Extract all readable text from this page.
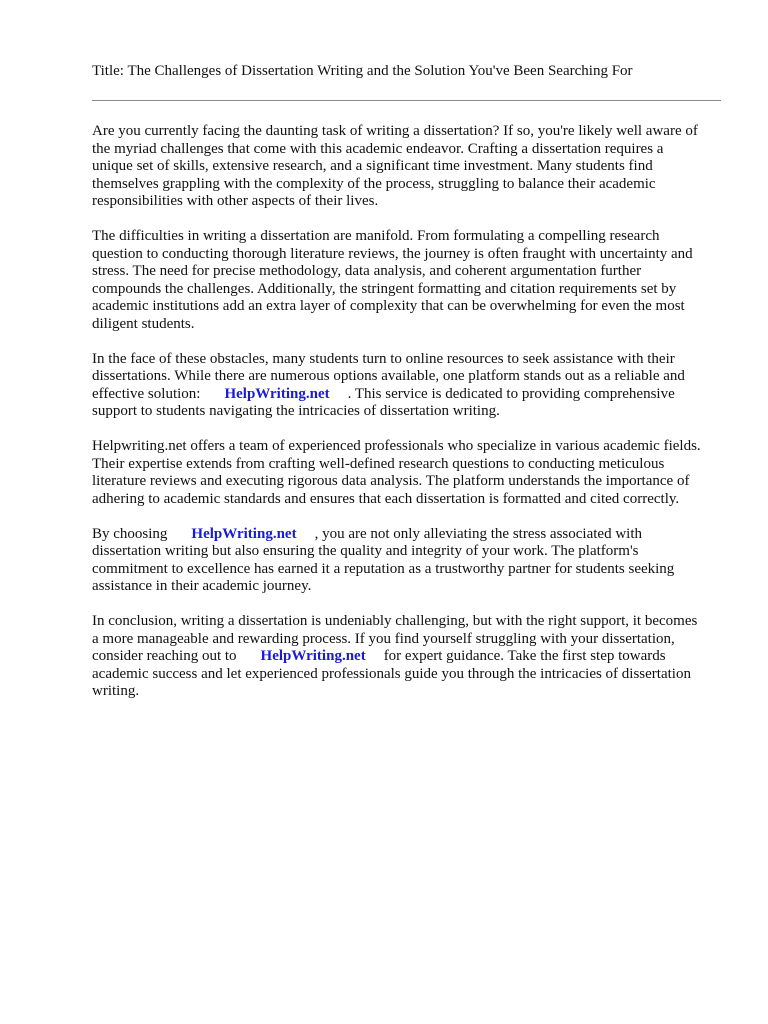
Title: The Challenges of Dissertation Writing and the Solution You've Been Searching For

Are you currently facing the daunting task of writing a dissertation? If so, you're likely well aware of
the myriad challenges that come with this academic endeavor. Crafting a dissertation requires a
unique set of skills, extensive research, and a significant time investment. Many students find
themselves grappling with the complexity of the process, struggling to balance their academic
responsibilities with other aspects of their lives.

The difficulties in writing a dissertation are manifold. From formulating a compelling research
question to conducting thorough literature reviews, the journey is often fraught with uncertainty and
stress. The need for precise methodology, data analysis, and coherent argumentation further
compounds the challenges. Additionally, the stringent formatting and citation requirements set by
academic institutions add an extra layer of complexity that can be overwhelming for even the most
diligent students.

In the face of these obstacles, many students turn to online resources to seek assistance with their
dissertations. While there are numerous options available, one platform stands out as a reliable and
effective solution: HelpWriting.net . This service is dedicated to providing comprehensive
support to students navigating the intricacies of dissertation writing.

Helpwriting.net offers a team of experienced professionals who specialize in various academic fields.
Their expertise extends from crafting well-defined research questions to conducting meticulous
literature reviews and executing rigorous data analysis. The platform understands the importance of
adhering to academic standards and ensures that each dissertation is formatted and cited correctly.

By choosing HelpWriting.net , you are not only alleviating the stress associated with
dissertation writing but also ensuring the quality and integrity of your work. The platform's
commitment to excellence has earned it a reputation as a trustworthy partner for students seeking
assistance in their academic journey.

In conclusion, writing a dissertation is undeniably challenging, but with the right support, it becomes
a more manageable and rewarding process. If you find yourself struggling with your dissertation,
consider reaching out to HelpWriting.net for expert guidance. Take the first step towards
academic success and let experienced professionals guide you through the intricacies of dissertation
writing.
